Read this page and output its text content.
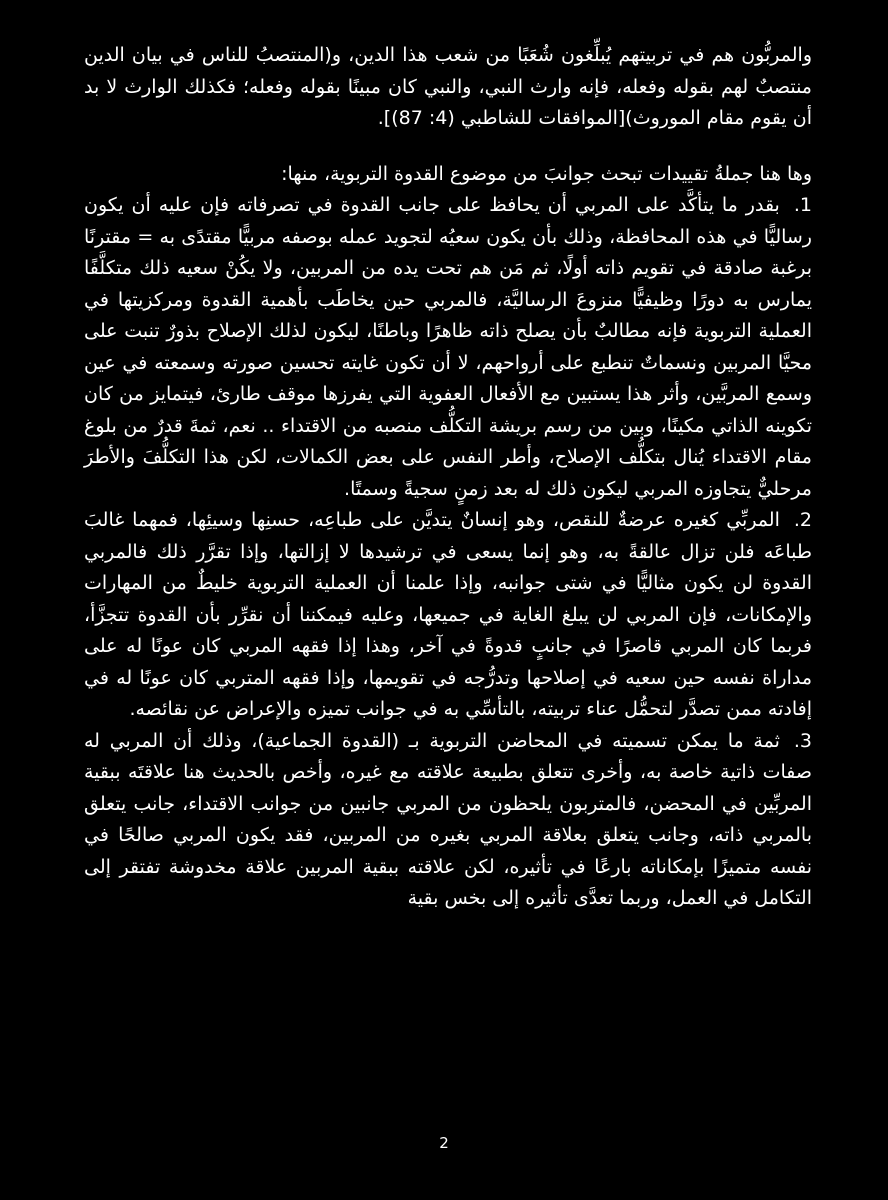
والمربُّون هم في تربيتهم يُبلِّغون شُعَبًا من شعب هذا الدين، و(المنتصبُ للناس في بيان الدين منتصبٌ لهم بقوله وفعله، فإنه وارث النبي، والنبي كان مبينًا بقوله وفعله؛ فكذلك الوارث لا بد أن يقوم مقام الموروث)[الموافقات للشاطبي (4: 87)].

وها هنا جملةُ تقييدات تبحث جوانبَ من موضوع القدوة التربوية، منها:

1.بقدر ما يتأكَّد على المربي أن يحافظ على جانب القدوة في تصرفاته فإن عليه أن يكون رساليًّا في هذه المحافظة، وذلك بأن يكون سعيُه لتجويد عمله بوصفه مربيًّا مقتدًى به = مقترنًا برغبة صادقة في تقويم ذاته أولًا، ثم مَن هم تحت يده من المربين، ولا يكُنْ سعيه ذلك متكلَّفًا يمارس به دورًا وظيفيًّا منزوعَ الرساليَّة، فالمربي حين يخاطَب بأهمية القدوة ومركزيتها في العملية التربوية فإنه مطالبٌ بأن يصلح ذاته ظاهرًا وباطنًا، ليكون لذلك الإصلاح بذورٌ تنبت على محيَّا المربين ونسماتٌ تنطبع على أرواحهم، لا أن تكون غايته تحسين صورته وسمعته في عين وسمع المربَّين، وأثر هذا يستبين مع الأفعال العفوية التي يفرزها موقف طارئ، فيتمايز من كان تكوينه الذاتي مكينًا، وبين من رسم بريشة التكلُّف منصبه من الاقتداء .. نعم، ثمةَ قدرٌ من بلوغ مقام الاقتداء يُنال بتكلُّف الإصلاح، وأطر النفس على بعض الكمالات، لكن هذا التكلُّفَ والأطرَ مرحليٌّ يتجاوزه المربي ليكون ذلك له بعد زمنٍ سجيةً وسمتًا.

2.المربِّي كغيره عرضةٌ للنقص، وهو إنسانٌ يتديَّن على طباعِه، حسنِها وسيئِها، فمهما غالبَ طباعَه فلن تزال عالقةً به، وهو إنما يسعى في ترشيدها لا إزالتها، وإذا تقرَّر ذلك فالمربي القدوة لن يكون مثاليًّا في شتى جوانبه، وإذا علمنا أن العملية التربوية خليطٌ من المهارات والإمكانات، فإن المربي لن يبلغ الغاية في جميعها، وعليه فيمكننا أن نقرِّر بأن القدوة تتجزَّأ، فربما كان المربي قاصرًا في جانبٍ قدوةً في آخر، وهذا إذا فقهه المربي كان عونًا له على مداراة نفسه حين سعيه في إصلاحها وتدرُّجه في تقويمها، وإذا فقهه المتربي كان عونًا له في إفادته ممن تصدَّر لتحمُّل عناء تربيته، بالتأسِّي به في جوانب تميزه والإعراض عن نقائصه.

3.ثمة ما يمكن تسميته في المحاضن التربوية بـ (القدوة الجماعية)، وذلك أن المربي له صفات ذاتية خاصة به، وأخرى تتعلق بطبيعة علاقته مع غيره، وأخص بالحديث هنا علاقتَه ببقية المربِّين في المحضن، فالمتربون يلحظون من المربي جانبين من جوانب الاقتداء، جانب يتعلق بالمربي ذاته، وجانب يتعلق بعلاقة المربي بغيره من المربين، فقد يكون المربي صالحًا في نفسه متميزًا بإمكاناته بارعًا في تأثيره، لكن علاقته ببقية المربين علاقة مخدوشة تفتقر إلى التكامل في العمل، وربما تعدَّى تأثيره إلى بخس بقية

2
